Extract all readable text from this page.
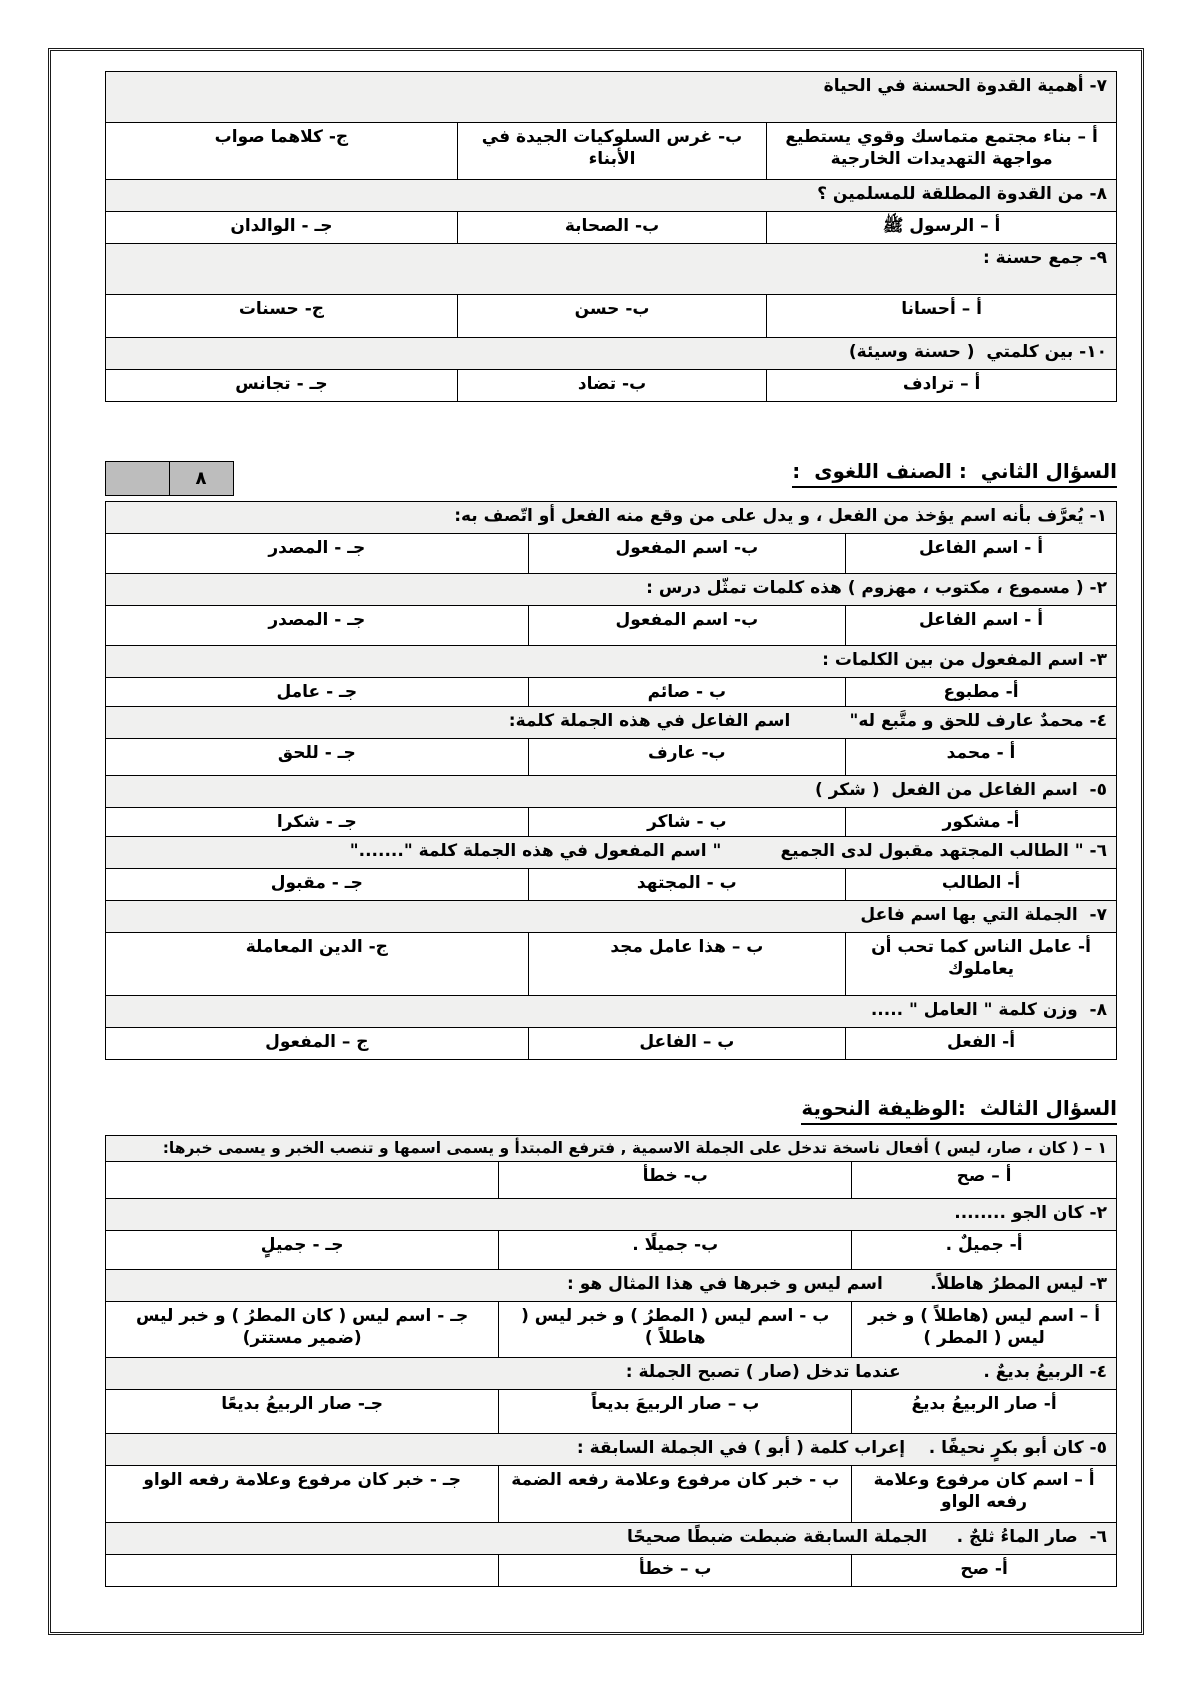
٧- أهمية القدوة الحسنة في الحياة		
أ – بناء مجتمع متماسك وقوي يستطيع مواجهة التهديدات الخارجية	ب- غرس السلوكيات الجيدة في الأبناء	ج- كلاهما صواب
٨- من القدوة المطلقة للمسلمين ؟		
أ – الرسول ﷺ	ب- الصحابة	جـ - الوالدان
٩- جمع حسنة :		
أ – أحسانا	ب- حسن	ج- حسنات
١٠- بين كلمتي  ( حسنة وسيئة)		
أ – ترادف	ب- تضاد	جـ - تجانس
السؤال الثاني  : الصنف اللغوى  :
٨
١- يُعرَّف بأنه اسم يؤخذ من الفعل ، و يدل على من وقع منه الفعل أو اتّصف به:		
أ - اسم الفاعل	ب- اسم المفعول	جـ - المصدر
٢- ( مسموع ، مكتوب ، مهزوم ) هذه كلمات تمثّل درس :		
أ - اسم الفاعل	ب- اسم المفعول	جـ - المصدر
٣- اسم المفعول من بين الكلمات :		
أ- مطبوع	ب - صائم	جـ - عامل
٤- محمدٌ عارف للحق و متَّبع له"          اسم الفاعل في هذه الجملة كلمة:		
أ - محمد	ب- عارف	جـ - للحق
٥-  اسم الفاعل من الفعل  ( شكر )		
أ- مشكور	ب - شاكر	جـ - شكرا
٦- " الطالب المجتهد مقبول لدى الجميع          " اسم المفعول في هذه الجملة كلمة "......."		
أ- الطالب	ب - المجتهد	جـ - مقبول
٧-  الجملة التي بها اسم فاعل		
أ- عامل الناس كما تحب أن يعاملوك	ب – هذا عامل مجد	ج- الدين المعاملة
٨-  وزن كلمة " العامل " .....		
أ- الفعل	ب – الفاعل	ج – المفعول
السؤال الثالث  :الوظيفة النحوية
١ – ( كان ، صار، ليس ) أفعال ناسخة تدخل على الجملة الاسمية , فترفع المبتدأ و يسمى اسمها و تنصب الخبر و يسمى خبرها:		
أ – صح	ب- خطأ	
٢- كان الجو ........		
أ- جميلٌ .	ب- جميلًا .	جـ - جميلٍ
٣- ليس المطرُ هاطلاً.        اسم ليس و خبرها في هذا المثال هو :		
أ – اسم ليس (هاطلاً ) و خبر ليس ( المطر )	ب - اسم ليس ( المطرُ ) و خبر ليس ( هاطلاً )	جـ - اسم ليس ( كان المطرُ ) و خبر ليس (ضمير مستتر)
٤- الربيعُ بديعٌ .              عندما تدخل (صار ) تصبح الجملة :		
أ- صار الربيعُ بديعُ	ب – صار الربيعَ بديعاً	جـ- صار الربيعُ بديعًا
٥- كان أبو بكرٍ نحيفًا .    إعراب كلمة ( أبو ) في الجملة السابقة :		
أ – اسم كان مرفوع وعلامة رفعه الواو	ب - خبر كان مرفوع وعلامة رفعه الضمة	جـ - خبر كان مرفوع وعلامة رفعه الواو
٦-  صار الماءُ ثلجٌ .     الجملة السابقة ضبطت ضبطًا صحيحًا		
أ- صح	ب – خطأ	
